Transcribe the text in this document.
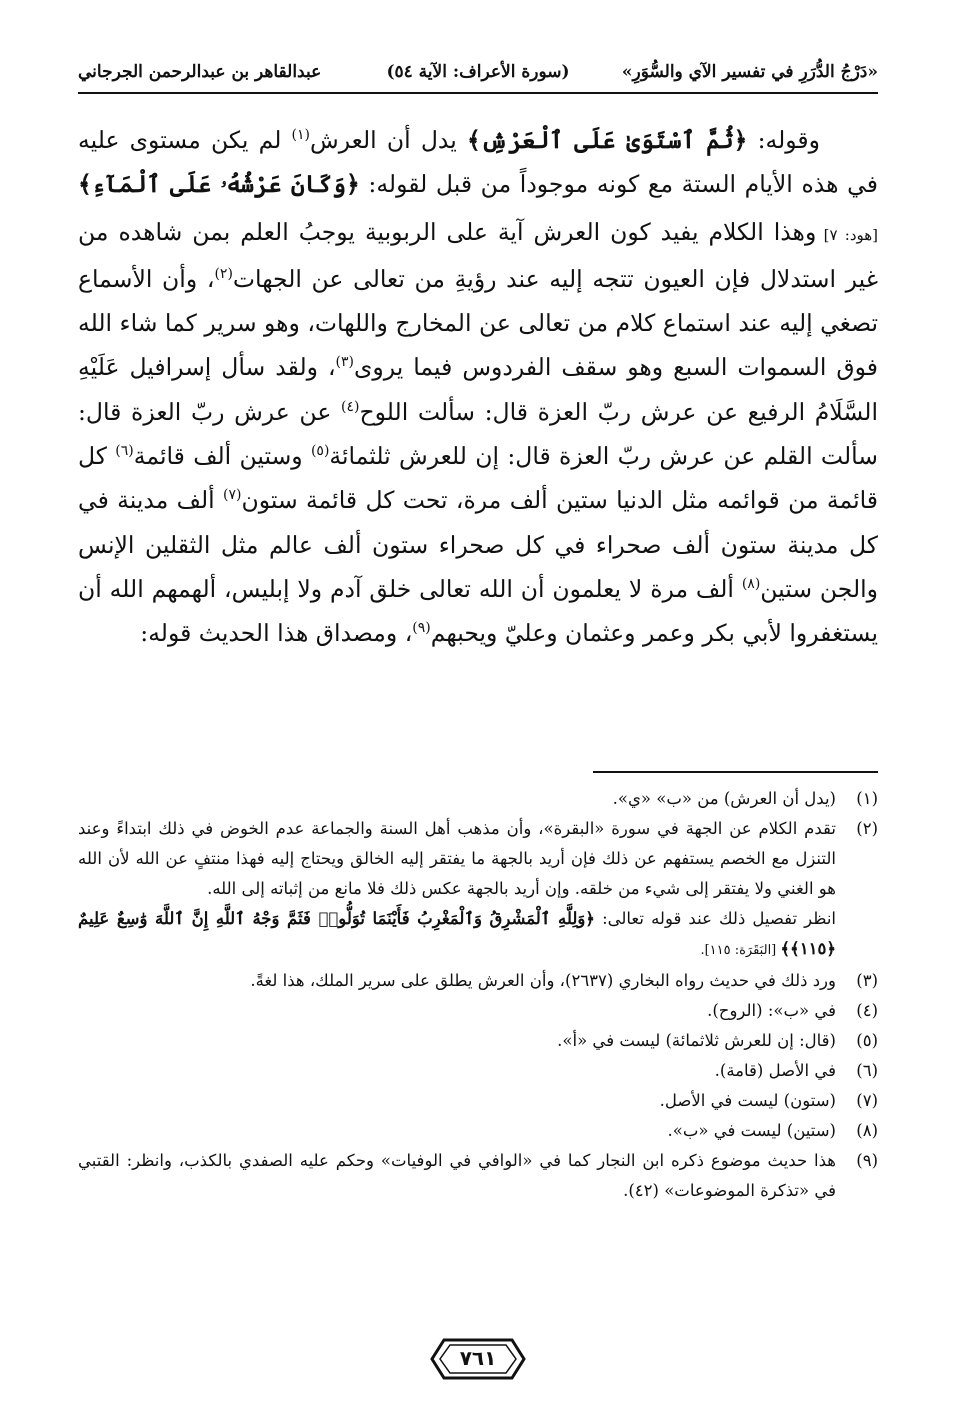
«دَرْجُ الدُّرَرِ في تفسير الآي والسُّوَرِ»
(سورة الأعراف: الآية ٥٤)
عبدالقاهر بن عبدالرحمن الجرجاني

وقوله: ﴿ثُمَّ ٱسْتَوَىٰ عَلَى ٱلْعَرْشِ﴾ يدل أن العرش$^{(١)}$ لم يكن مستوى عليه في هذه الأيام الستة مع كونه موجوداً من قبل لقوله: ﴿وَكَانَ عَرْشُهُۥ عَلَى ٱلْمَآءِ﴾ [هود: ٧] وهذا الكلام يفيد كون العرش آية على الربوبية يوجبُ العلم بمن شاهده من غير استدلال فإن العيون تتجه إليه عند رؤيةِ من تعالى عن الجهات$^{(٢)}$، وأن الأسماع تصغي إليه عند استماع كلام من تعالى عن المخارج واللهات، وهو سرير كما شاء الله فوق السموات السبع وهو سقف الفردوس فيما يروى$^{(٣)}$، ولقد سأل إسرافيل عَلَيْهِ السَّلَامُ الرفيع عن عرش ربّ العزة قال: سألت اللوح$^{(٤)}$ عن عرش ربّ العزة قال: سألت القلم عن عرش ربّ العزة قال: إن للعرش ثلثمائة$^{(٥)}$ وستين ألف قائمة$^{(٦)}$ كل قائمة من قوائمه مثل الدنيا ستين ألف مرة، تحت كل قائمة ستون$^{(٧)}$ ألف مدينة في كل مدينة ستون ألف صحراء في كل صحراء ستون ألف عالم مثل الثقلين الإنس والجن ستين$^{(٨)}$ ألف مرة لا يعلمون أن الله تعالى خلق آدم ولا إبليس، ألهمهم الله أن يستغفروا لأبي بكر وعمر وعثمان وعليّ ويحبهم$^{(٩)}$، ومصداق هذا الحديث قوله:

(١)
(يدل أن العرش) من «ب» «ي».

(٢)
تقدم الكلام عن الجهة في سورة «البقرة»، وأن مذهب أهل السنة والجماعة عدم الخوض في ذلك ابتداءً وعند التنزل مع الخصم يستفهم عن ذلك فإن أريد بالجهة ما يفتقر إليه الخالق ويحتاج إليه فهذا منتفٍ عن الله لأن الله هو الغني ولا يفتقر إلى شيء من خلقه. وإن أريد بالجهة عكس ذلك فلا مانع من إثباته إلى الله.
انظر تفصيل ذلك عند قوله تعالى: ﴿وَلِلَّهِ ٱلْمَشْرِقُ وَٱلْمَغْرِبُ فَأَيْنَمَا تُوَلُّوا۟ فَثَمَّ وَجْهُ ٱللَّهِ إِنَّ ٱللَّهَ وَٰسِعٌ عَلِيمٌ ﴿١١٥﴾﴾ [البَقَرَة: ١١٥].

(٣)
ورد ذلك في حديث رواه البخاري (٢٦٣٧)، وأن العرش يطلق على سرير الملك، هذا لغةً.

(٤)
في «ب»: (الروح).

(٥)
(قال: إن للعرش ثلاثمائة) ليست في «أ».

(٦)
في الأصل (قامة).

(٧)
(ستون) ليست في الأصل.

(٨)
(ستين) ليست في «ب».

(٩)
هذا حديث موضوع ذكره ابن النجار كما في «الوافي في الوفيات» وحكم عليه الصفدي بالكذب، وانظر: القتبي في «تذكرة الموضوعات» (٤٢).

٧٦١
